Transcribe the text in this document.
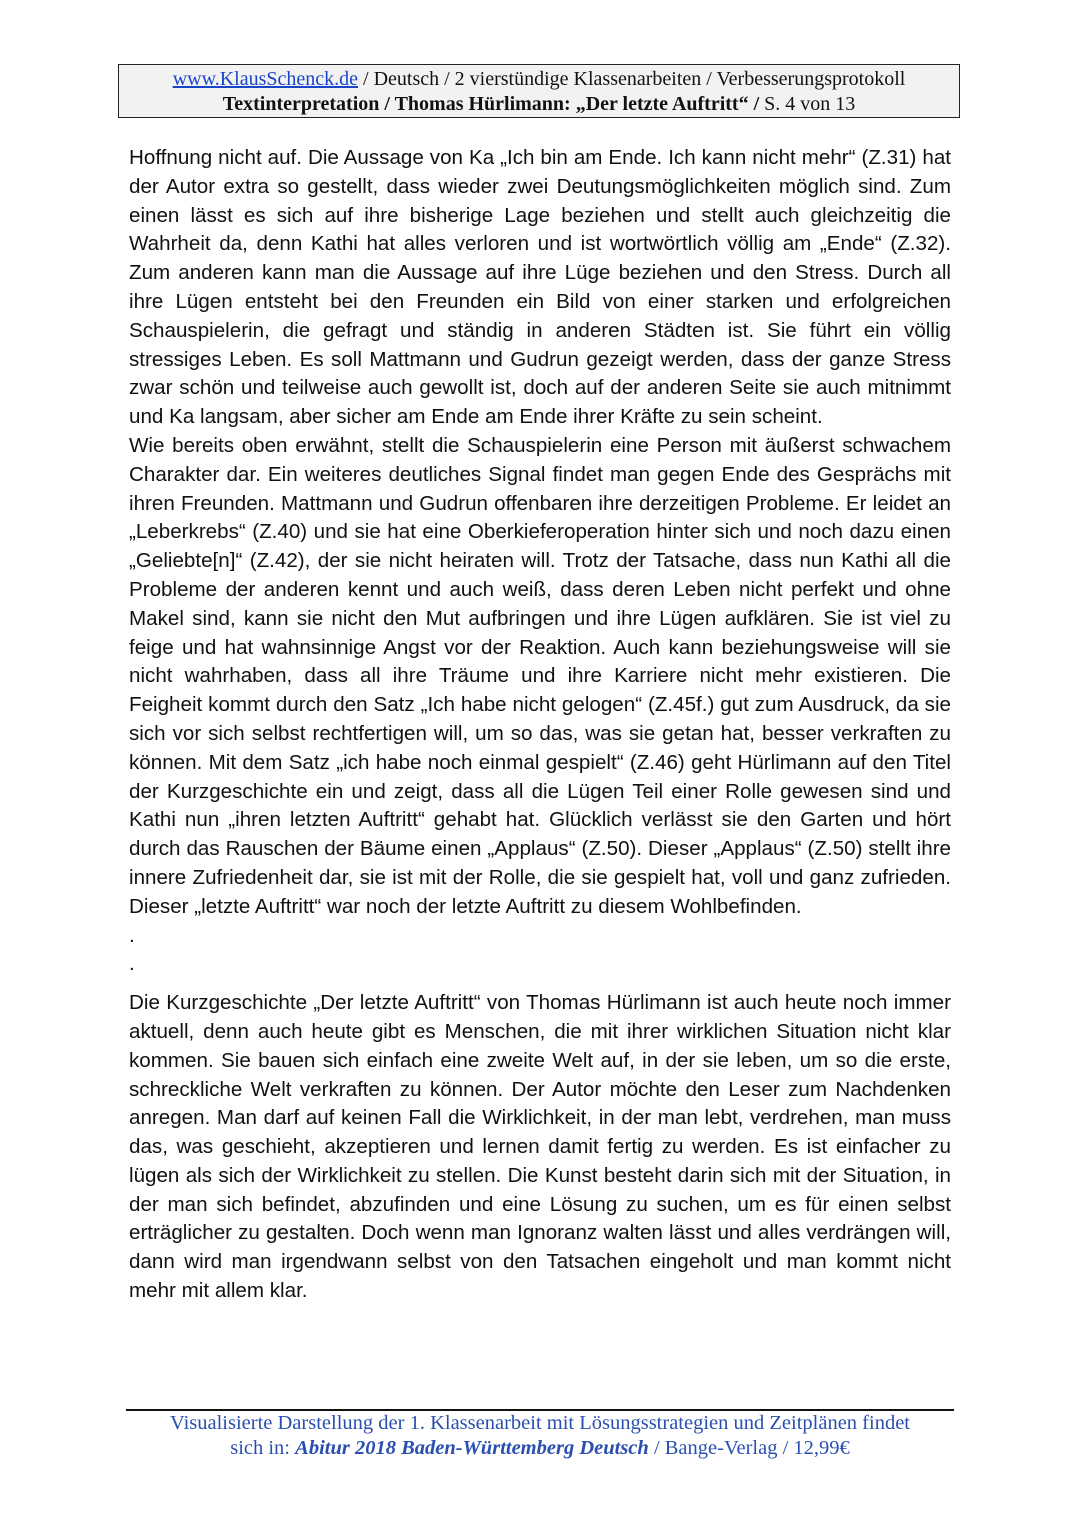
www.KlausSchenck.de / Deutsch / 2 vierstündige Klassenarbeiten / Verbesserungsprotokoll
Textinterpretation / Thomas Hürlimann: „Der letzte Auftritt“ / S. 4 von 13

Hoffnung nicht auf. Die Aussage von Ka „Ich bin am Ende. Ich kann nicht mehr“ (Z.31) hat der Autor extra so gestellt, dass wieder zwei Deutungsmöglichkeiten möglich sind. Zum einen lässt es sich auf ihre bisherige Lage beziehen und stellt auch gleichzeitig die Wahrheit da, denn Kathi hat alles verloren und ist wortwörtlich völlig am „Ende“ (Z.32). Zum anderen kann man die Aussage auf ihre Lüge beziehen und den Stress. Durch all ihre Lügen entsteht bei den Freunden ein Bild von einer starken und erfolgreichen Schauspielerin, die gefragt und ständig in anderen Städten ist. Sie führt ein völlig stressiges Leben. Es soll Mattmann und Gudrun gezeigt werden, dass der ganze Stress zwar schön und teilweise auch gewollt ist, doch auf der anderen Seite sie auch mitnimmt und Ka langsam, aber sicher am Ende am Ende ihrer Kräfte zu sein scheint.

Wie bereits oben erwähnt, stellt die Schauspielerin eine Person mit äußerst schwachem Charakter dar. Ein weiteres deutliches Signal findet man gegen Ende des Gesprächs mit ihren Freunden. Mattmann und Gudrun offenbaren ihre derzeitigen Probleme. Er leidet an „Leberkrebs“ (Z.40) und sie hat eine Oberkieferoperation hinter sich und noch dazu einen „Geliebte[n]“ (Z.42), der sie nicht heiraten will. Trotz der Tatsache, dass nun Kathi all die Probleme der anderen kennt und auch weiß, dass deren Leben nicht perfekt und ohne Makel sind, kann sie nicht den Mut aufbringen und ihre Lügen aufklären. Sie ist viel zu feige und hat wahnsinnige Angst vor der Reaktion. Auch kann beziehungsweise will sie nicht wahrhaben, dass all ihre Träume und ihre Karriere nicht mehr existieren. Die Feigheit kommt durch den Satz „Ich habe nicht gelogen“ (Z.45f.) gut zum Ausdruck, da sie sich vor sich selbst rechtfertigen will, um so das, was sie getan hat, besser verkraften zu können. Mit dem Satz „ich habe noch einmal gespielt“ (Z.46) geht Hürlimann auf den Titel der Kurzgeschichte ein und zeigt, dass all die Lügen Teil einer Rolle gewesen sind und Kathi nun „ihren letzten Auftritt“ gehabt hat. Glücklich verlässt sie den Garten und hört durch das Rauschen der Bäume einen „Applaus“ (Z.50). Dieser „Applaus“ (Z.50) stellt ihre innere Zufriedenheit dar, sie ist mit der Rolle, die sie gespielt hat, voll und ganz zufrieden. Dieser „letzte Auftritt“ war noch der letzte Auftritt zu diesem Wohlbefinden.

.
.

Die Kurzgeschichte „Der letzte Auftritt“ von Thomas Hürlimann ist auch heute noch immer aktuell, denn auch heute gibt es Menschen, die mit ihrer wirklichen Situation nicht klar kommen. Sie bauen sich einfach eine zweite Welt auf, in der sie leben, um so die erste, schreckliche Welt verkraften zu können. Der Autor möchte den Leser zum Nachdenken anregen. Man darf auf keinen Fall die Wirklichkeit, in der man lebt, verdrehen, man muss das, was geschieht, akzeptieren und lernen damit fertig zu werden. Es ist einfacher zu lügen als sich der Wirklichkeit zu stellen. Die Kunst besteht darin sich mit der Situation, in der man sich befindet, abzufinden und eine Lösung zu suchen, um es für einen selbst erträglicher zu gestalten. Doch wenn man Ignoranz walten lässt und alles verdrängen will, dann wird man irgendwann selbst von den Tatsachen eingeholt und man kommt nicht mehr mit allem klar.

Visualisierte Darstellung der 1. Klassenarbeit mit Lösungsstrategien und Zeitplänen findet
sich in: Abitur 2018 Baden-Württemberg Deutsch / Bange-Verlag / 12,99€
